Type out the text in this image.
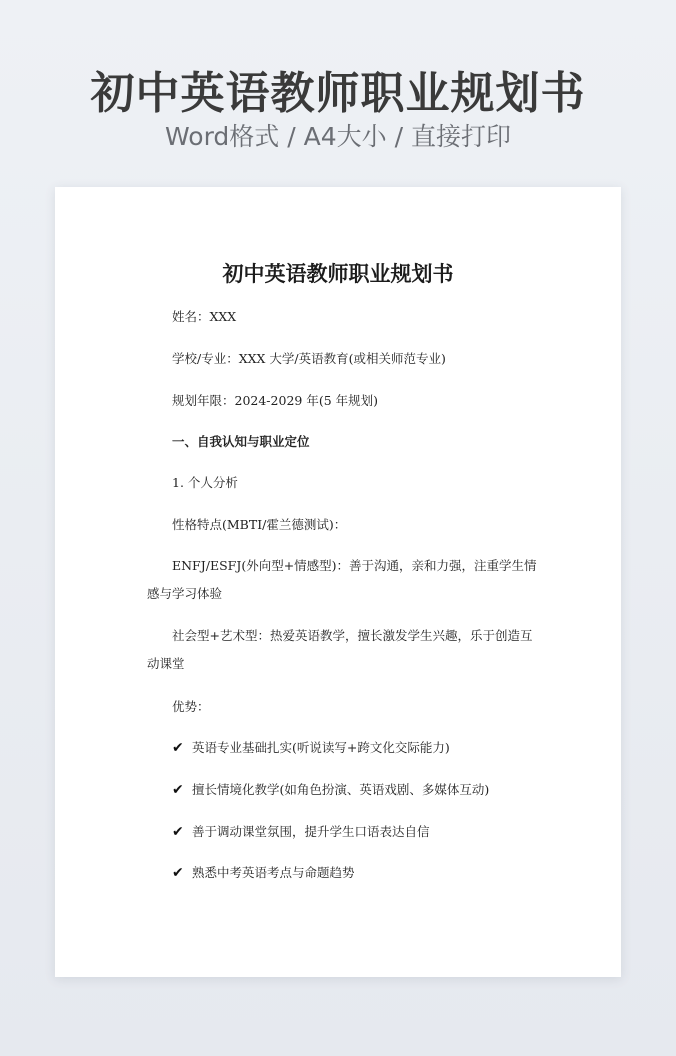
初中英语教师职业规划书
Word格式 / A4大小 / 直接打印
初中英语教师职业规划书
姓名：XXX
学校/专业：XXX 大学/英语教育(或相关师范专业)
规划年限：2024-2029 年(5 年规划)
一、自我认知与职业定位
1. 个人分析
性格特点(MBTI/霍兰德测试)：
ENFJ/ESFJ(外向型+情感型)：善于沟通，亲和力强，注重学生情感与学习体验
社会型+艺术型：热爱英语教学，擅长激发学生兴趣，乐于创造互动课堂
优势：
✔ 英语专业基础扎实(听说读写+跨文化交际能力)
✔ 擅长情境化教学(如角色扮演、英语戏剧、多媒体互动)
✔ 善于调动课堂氛围，提升学生口语表达自信
✔ 熟悉中考英语考点与命题趋势
